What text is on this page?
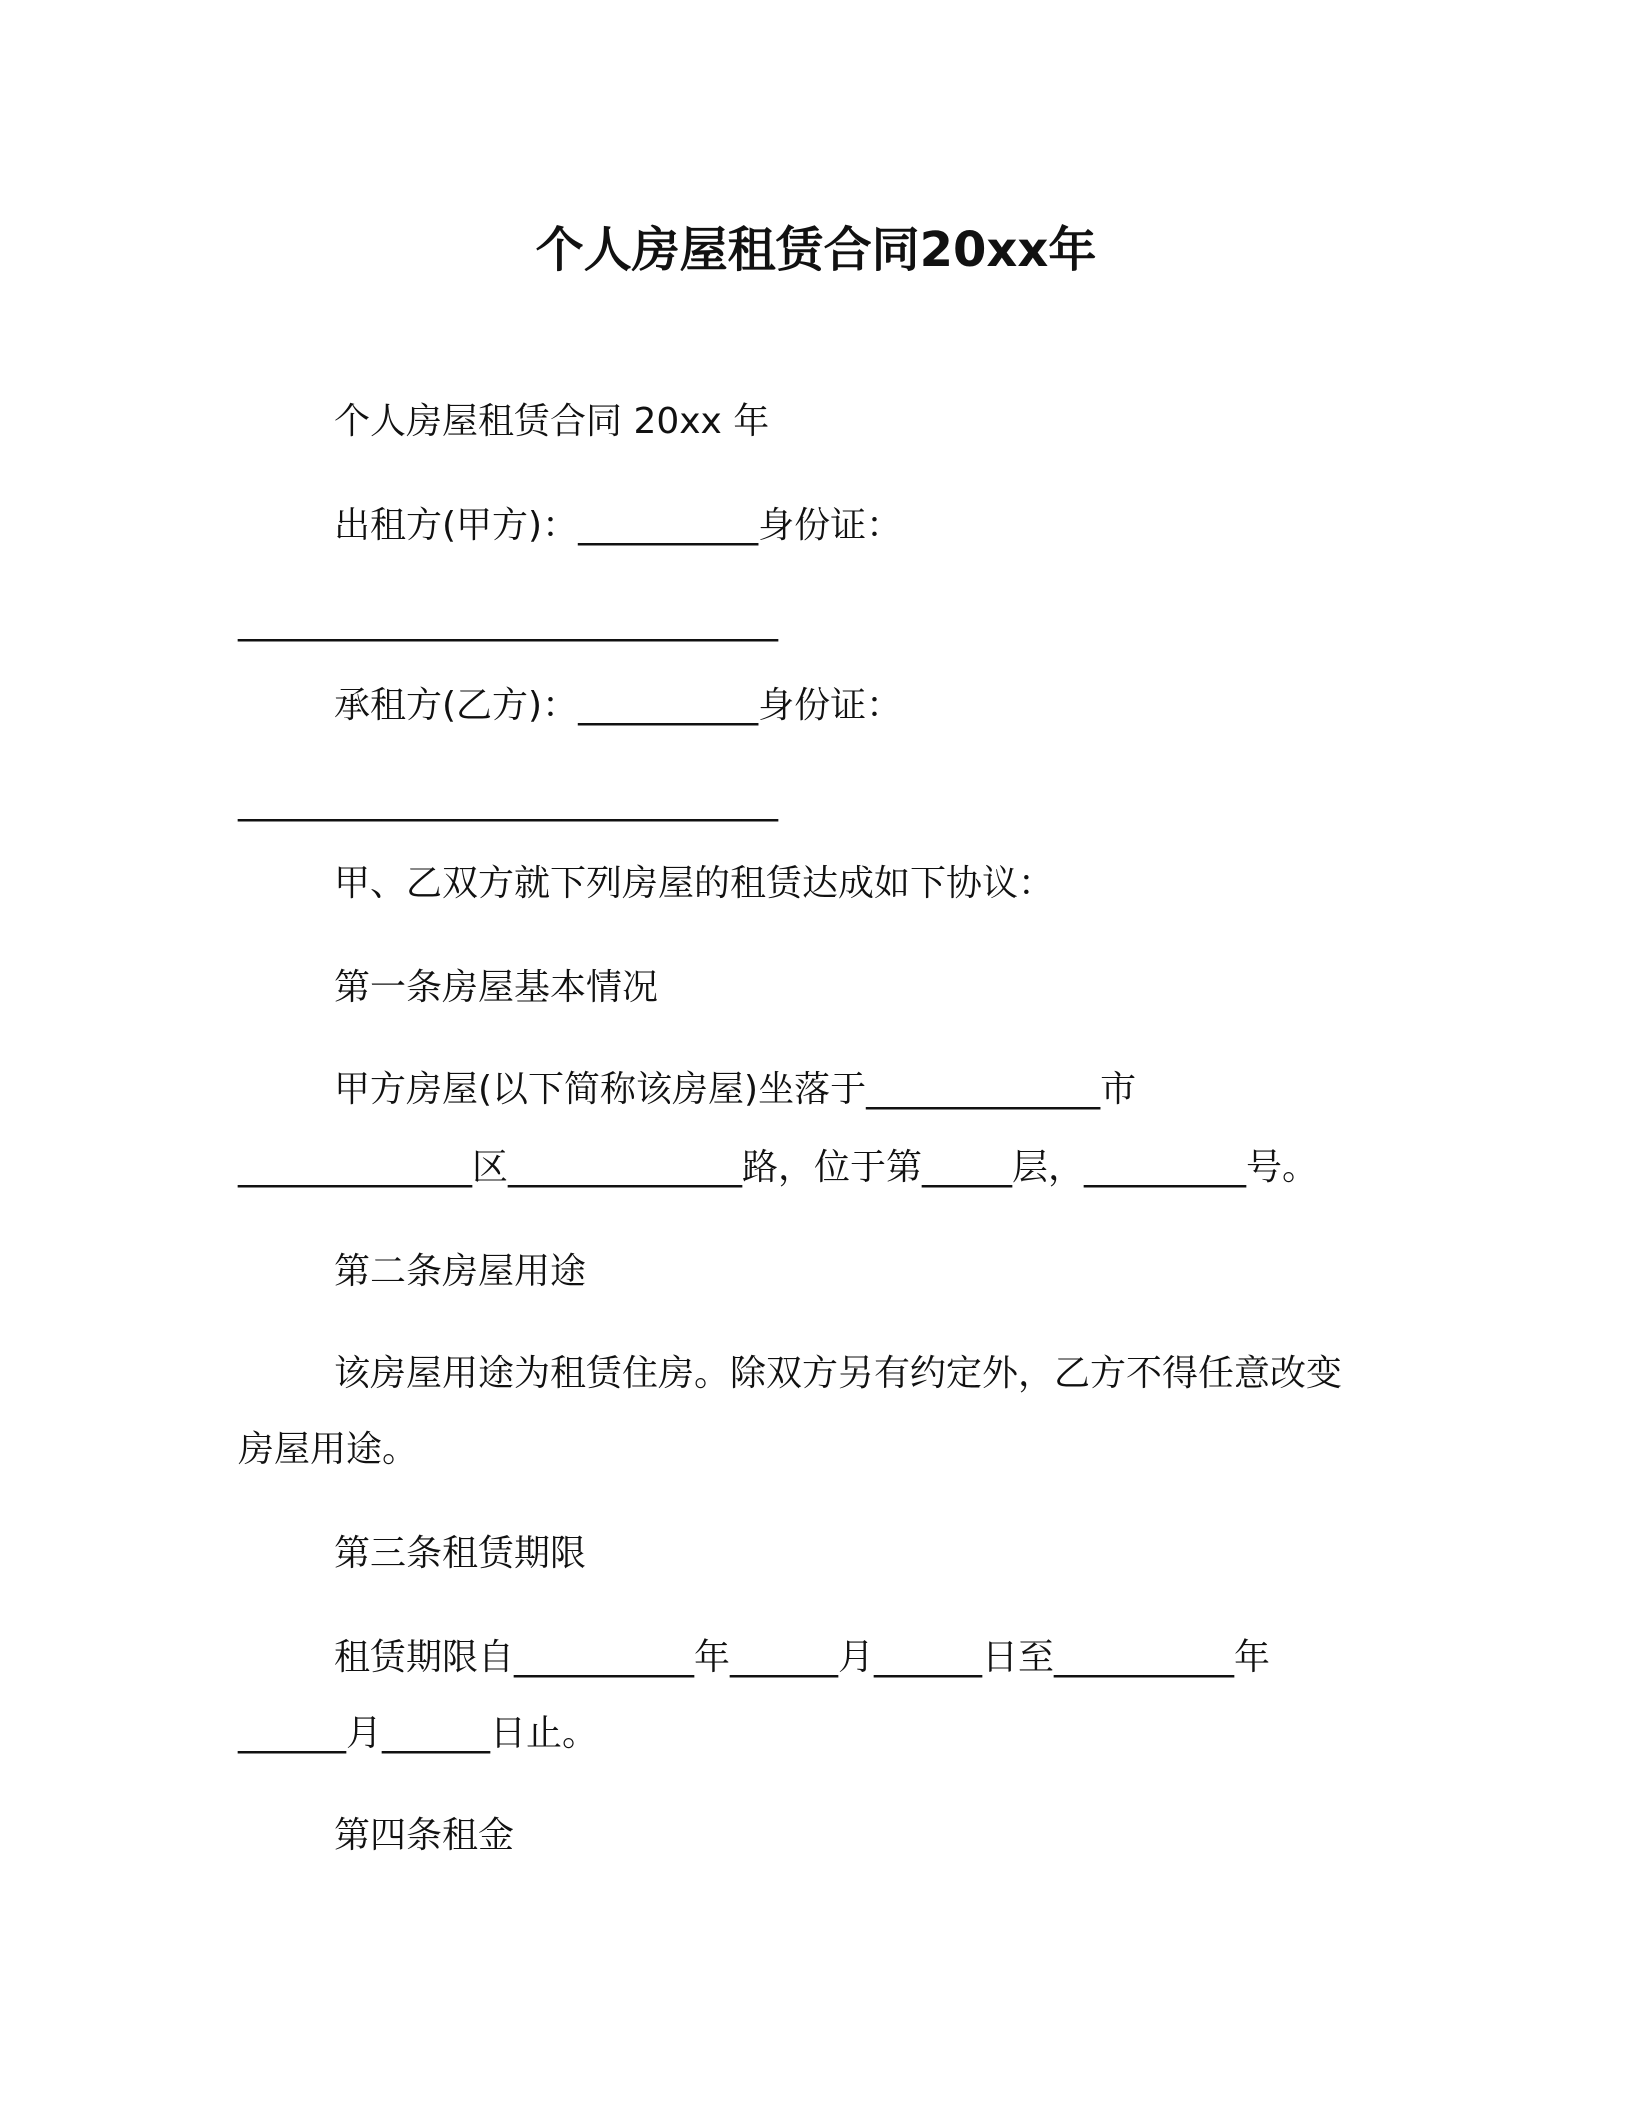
个人房屋租赁合同20xx年
个人房屋租赁合同 20xx 年
出租方(甲方)：__________身份证：
______________________________
承租方(乙方)：__________身份证：
______________________________
甲、乙双方就下列房屋的租赁达成如下协议：
第一条房屋基本情况
甲方房屋(以下简称该房屋)坐落于_____________市
_____________区_____________路，位于第_____层，_________号。
第二条房屋用途
该房屋用途为租赁住房。除双方另有约定外，乙方不得任意改变
房屋用途。
第三条租赁期限
租赁期限自__________年______月______日至__________年
______月______日止。
第四条租金
